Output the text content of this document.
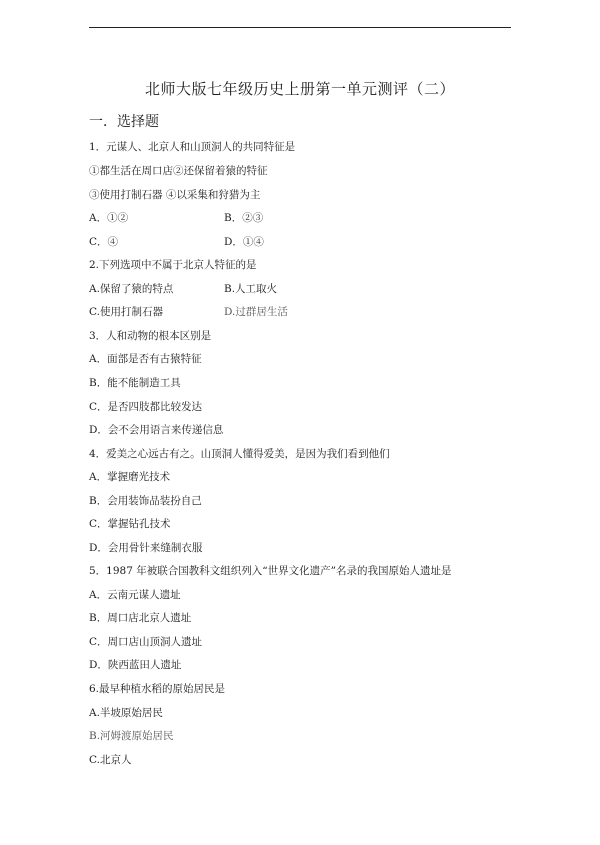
北师大版七年级历史上册第一单元测评（二）
一．选择题
1．元谋人、北京人和山顶洞人的共同特征是
①都生活在周口店②还保留着猿的特征
③使用打制石器 ④以采集和狩猎为主
A．①②	B．②③
C．④	D．①④
2.下列选项中不属于北京人特征的是
A.保留了猿的特点	B.人工取火
C.使用打制石器	D.过群居生活
3．人和动物的根本区别是
A．面部是否有古猿特征
B．能不能制造工具
C．是否四肢都比较发达
D．会不会用语言来传递信息
4．爱美之心远古有之。山顶洞人懂得爱美，是因为我们看到他们
A．掌握磨光技术
B．会用装饰品装扮自己
C．掌握钻孔技术
D．会用骨针来缝制衣服
5．1987 年被联合国教科文组织列入“世界文化遗产”名录的我国原始人遗址是
A．云南元谋人遗址
B．周口店北京人遗址
C．周口店山顶洞人遗址
D．陕西蓝田人遗址
6.最早种植水稻的原始居民是
A.半坡原始居民
B.河姆渡原始居民
C.北京人
